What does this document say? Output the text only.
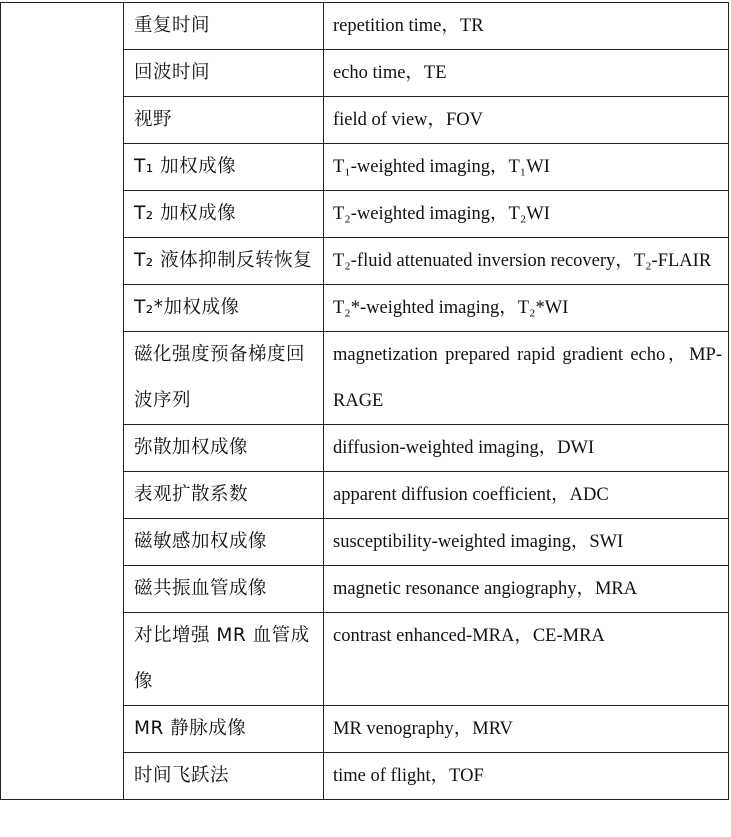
	重复时间	repetition time，TR
	回波时间	echo time，TE
	视野	field of view，FOV
	T₁ 加权成像	T₁-weighted imaging，T₁WI
	T₂ 加权成像	T₂-weighted imaging，T₂WI
	T₂ 液体抑制反转恢复	T₂-fluid attenuated inversion recovery，T₂-FLAIR
	T₂*加权成像	T₂*-weighted imaging，T₂*WI
	磁化强度预备梯度回波序列	magnetization prepared rapid gradient echo，MP-RAGE
	弥散加权成像	diffusion-weighted imaging，DWI
	表观扩散系数	apparent diffusion coefficient，ADC
	磁敏感加权成像	susceptibility-weighted imaging，SWI
	磁共振血管成像	magnetic resonance angiography，MRA
	对比增强 MR 血管成像	contrast enhanced-MRA，CE-MRA
	MR 静脉成像	MR venography，MRV
	时间飞跃法	time of flight，TOF
